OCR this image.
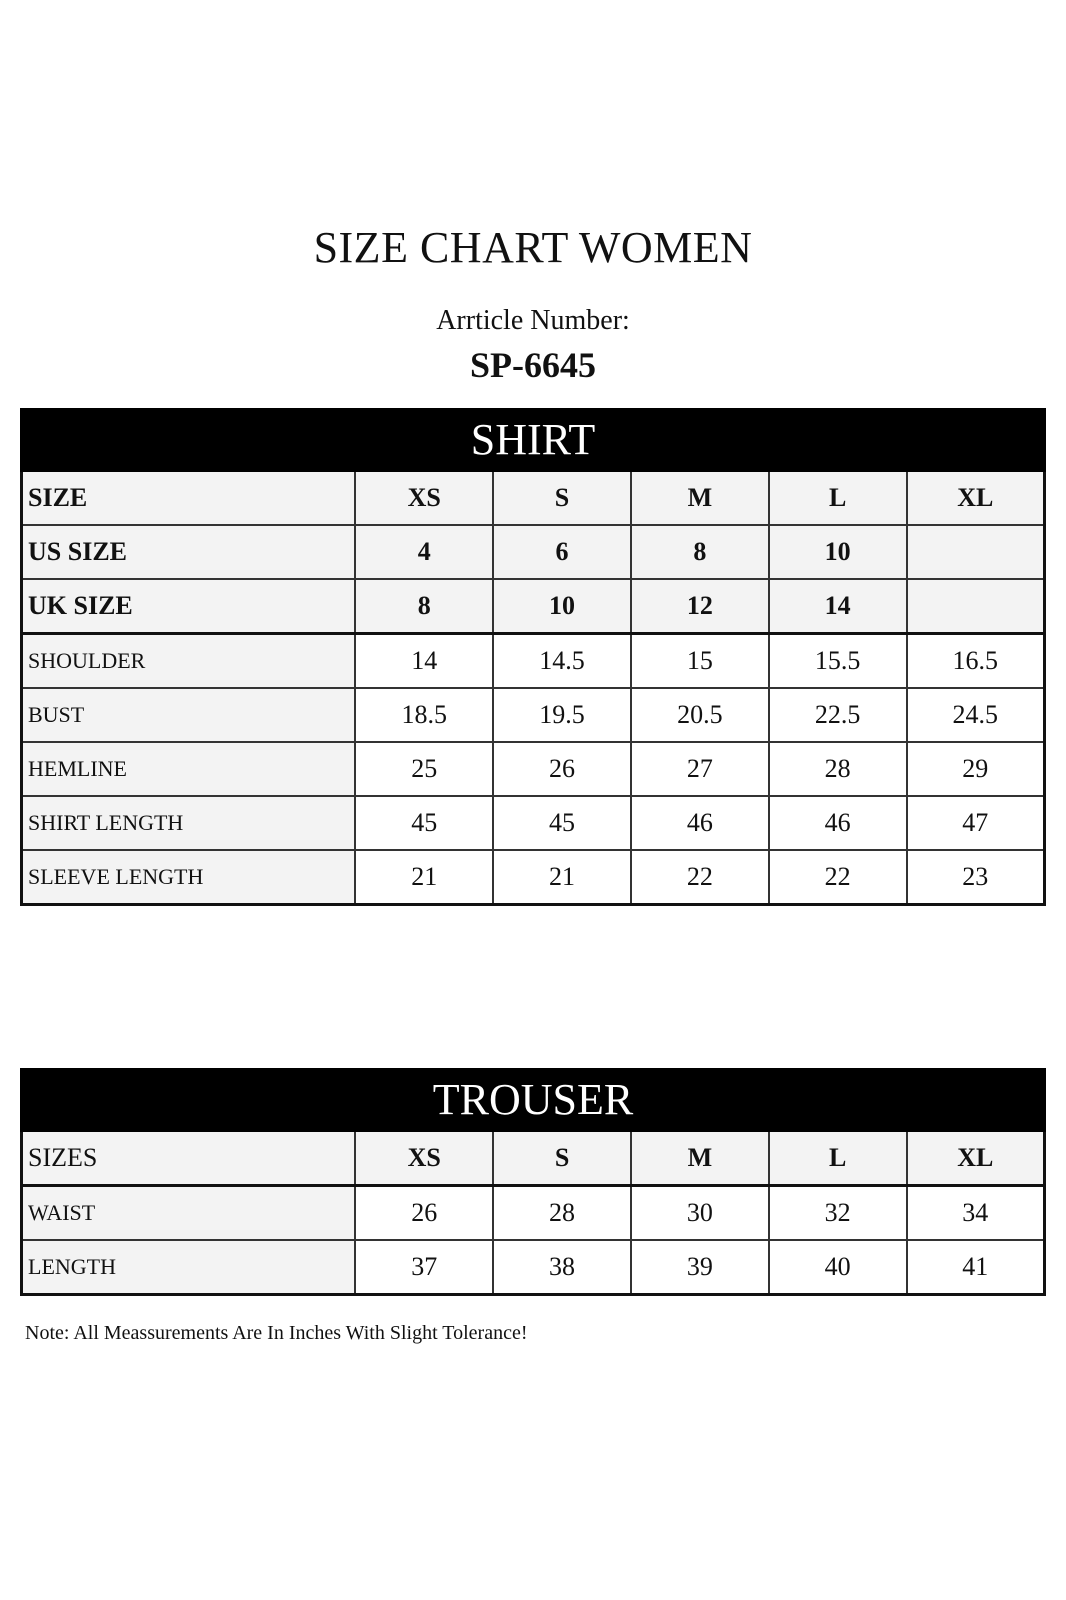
SIZE CHART WOMEN
Arrticle Number:
SP-6645
SHIRT					
SIZE	XS	S	M	L	XL
US SIZE	4	6	8	10	
UK SIZE	8	10	12	14	
SHOULDER	14	14.5	15	15.5	16.5
BUST	18.5	19.5	20.5	22.5	24.5
HEMLINE	25	26	27	28	29
SHIRT LENGTH	45	45	46	46	47
SLEEVE LENGTH	21	21	22	22	23
TROUSER					
SIZES	XS	S	M	L	XL
WAIST	26	28	30	32	34
LENGTH	37	38	39	40	41
Note: All Meassurements Are In Inches With Slight Tolerance!
